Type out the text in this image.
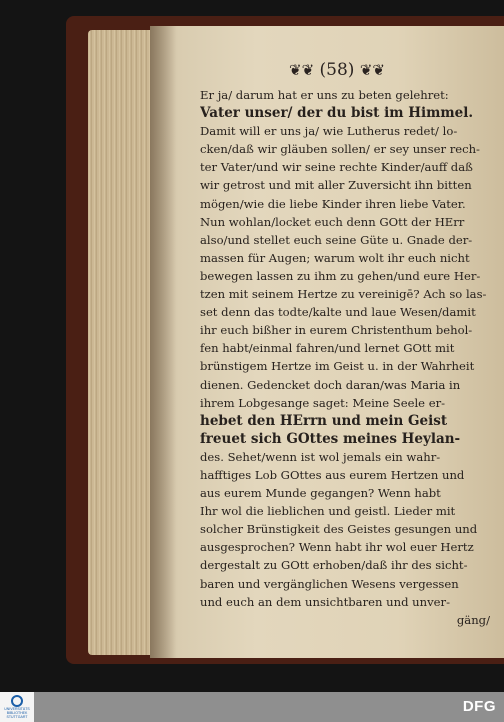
❦❦ (58) ❦❦
Er ja/ darum hat er uns zu beten gelehret:
Vater unser/ der du bist im Himmel.
Damit will er uns ja/ wie Lutherus redet/ lo-
cken/daß wir gläuben sollen/ er sey unser rech-
ter Vater/und wir seine rechte Kinder/auff daß
wir getrost und mit aller Zuversicht ihn bitten
mögen/wie die liebe Kinder ihren liebe Vater.
Nun wohlan/locket euch denn GOtt der HErr
also/und stellet euch seine Güte u. Gnade der-
massen für Augen; warum wolt ihr euch nicht
bewegen lassen zu ihm zu gehen/und eure Her-
tzen mit seinem Hertze zu vereinigē? Ach so las-
set denn das todte/kalte und laue Wesen/damit
ihr euch bißher in eurem Christenthum behol-
fen habt/einmal fahren/und lernet GOtt mit
brünstigem Hertze im Geist u. in der Wahrheit
dienen. Gedencket doch daran/was Maria in
ihrem Lobgesange saget: Meine Seele er-
hebet den HErrn und mein Geist
freuet sich GOttes meines Heylan-
des. Sehet/wenn ist wol jemals ein wahr-
hafftiges Lob GOttes aus eurem Hertzen und
aus eurem Munde gegangen? Wenn habt
Ihr wol die lieblichen und geistl. Lieder mit
solcher Brünstigkeit des Geistes gesungen und
ausgesprochen? Wenn habt ihr wol euer Hertz
dergestalt zu GOtt erhoben/daß ihr des sicht-
baren und vergänglichen Wesens vergessen
und euch an dem unsichtbaren und unver-
gäng/
UNIVERSITÄTS BIBLIOTHEK STUTTGART
DFG
